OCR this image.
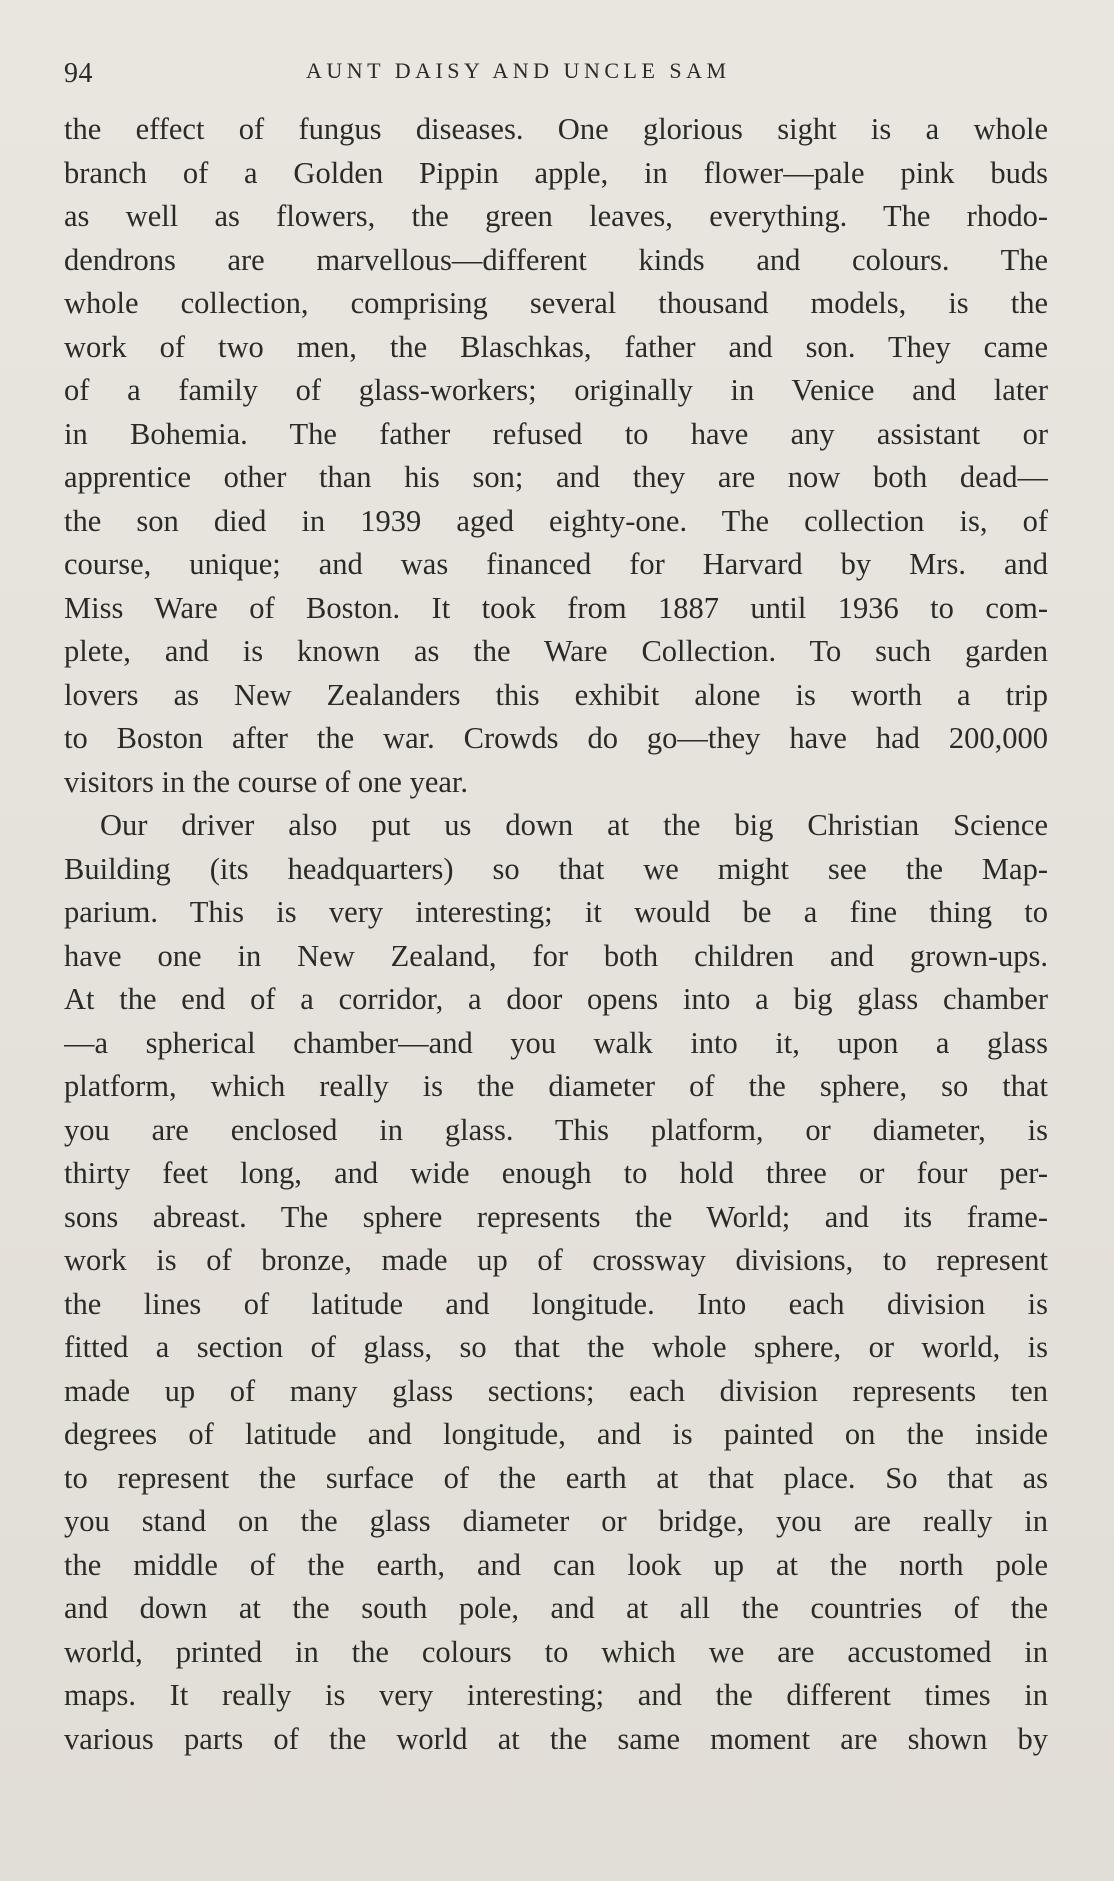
94	AUNT DAISY AND UNCLE SAM
the effect of fungus diseases. One glorious sight is a whole
branch of a Golden Pippin apple, in flower—pale pink buds
as well as flowers, the green leaves, everything. The rhodo-
dendrons are marvellous—different kinds and colours. The
whole collection, comprising several thousand models, is the
work of two men, the Blaschkas, father and son. They came
of a family of glass-workers; originally in Venice and later
in Bohemia. The father refused to have any assistant or
apprentice other than his son; and they are now both dead—
the son died in 1939 aged eighty-one. The collection is, of
course, unique; and was financed for Harvard by Mrs. and
Miss Ware of Boston. It took from 1887 until 1936 to com-
plete, and is known as the Ware Collection. To such garden
lovers as New Zealanders this exhibit alone is worth a trip
to Boston after the war. Crowds do go—they have had 200,000
visitors in the course of one year.
Our driver also put us down at the big Christian Science
Building (its headquarters) so that we might see the Map-
parium. This is very interesting; it would be a fine thing to
have one in New Zealand, for both children and grown-ups.
At the end of a corridor, a door opens into a big glass chamber
—a spherical chamber—and you walk into it, upon a glass
platform, which really is the diameter of the sphere, so that
you are enclosed in glass. This platform, or diameter, is
thirty feet long, and wide enough to hold three or four per-
sons abreast. The sphere represents the World; and its frame-
work is of bronze, made up of crossway divisions, to represent
the lines of latitude and longitude. Into each division is
fitted a section of glass, so that the whole sphere, or world, is
made up of many glass sections; each division represents ten
degrees of latitude and longitude, and is painted on the inside
to represent the surface of the earth at that place. So that as
you stand on the glass diameter or bridge, you are really in
the middle of the earth, and can look up at the north pole
and down at the south pole, and at all the countries of the
world, printed in the colours to which we are accustomed in
maps. It really is very interesting; and the different times in
various parts of the world at the same moment are shown by
